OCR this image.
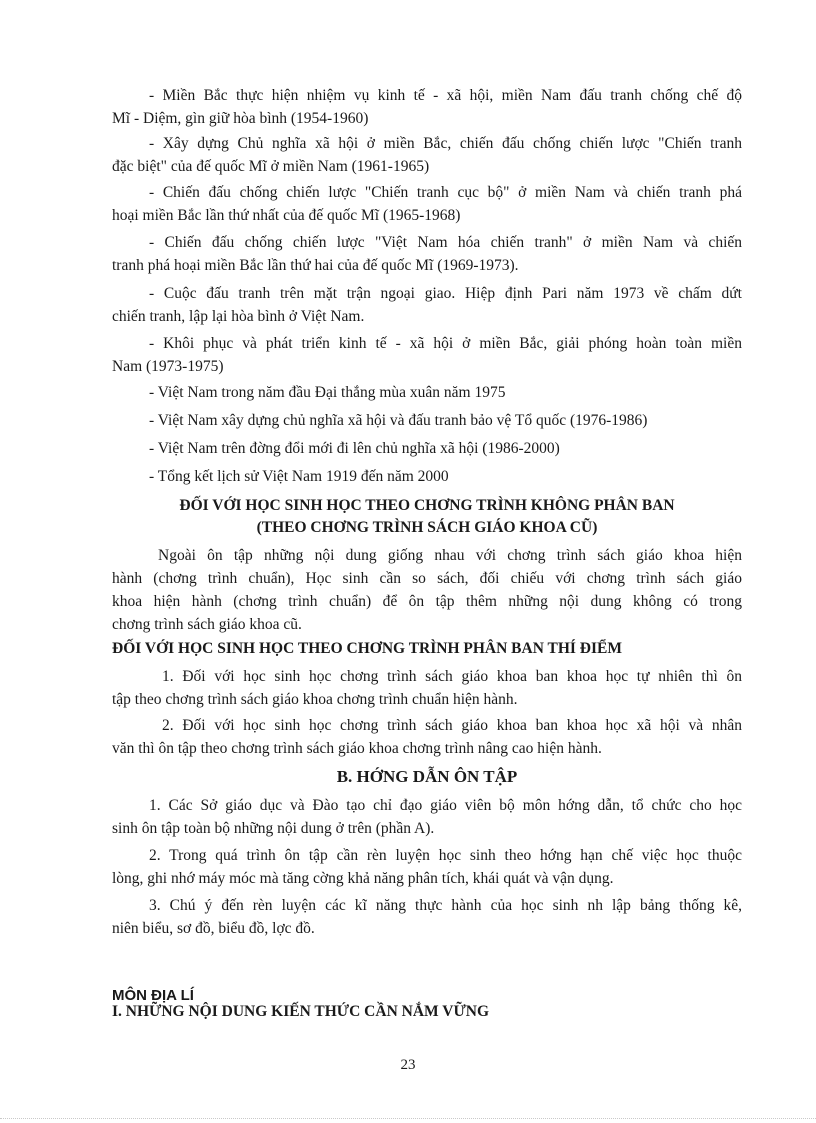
- Miền Bắc thực hiện nhiệm vụ kinh tế - xã hội, miền Nam đấu tranh chống chế độ
Mĩ - Diệm, gìn giữ hòa bình (1954-1960)
- Xây dựng Chủ nghĩa xã hội ở miền Bắc, chiến đấu chống chiến lược "Chiến tranh
đặc biệt" của đế quốc Mĩ ở miền Nam (1961-1965)
- Chiến đấu chống chiến lược "Chiến tranh cục bộ" ở miền Nam và chiến tranh phá
hoại miền Bắc lần thứ nhất của đế quốc Mĩ (1965-1968)
- Chiến đấu chống chiến lược "Việt Nam hóa chiến tranh" ở miền Nam và chiến
tranh phá hoại miền Bắc lần thứ hai của đế quốc Mĩ (1969-1973).
- Cuộc đấu tranh trên mặt trận ngoại giao. Hiệp định Pari năm 1973 về chấm dứt
chiến tranh, lập lại hòa bình ở Việt Nam.
- Khôi phục và phát triển kinh tế - xã hội ở miền Bắc, giải phóng hoàn toàn miền
Nam (1973-1975)
- Việt Nam trong năm đầu Đại thắng mùa xuân năm 1975
- Việt Nam xây dựng chủ nghĩa xã hội và đấu tranh bảo vệ Tổ quốc (1976-1986)
- Việt Nam trên đờng đổi mới đi lên chủ nghĩa xã hội (1986-2000)
- Tổng kết lịch sử Việt Nam 1919 đến năm 2000
ĐỐI VỚI HỌC SINH HỌC THEO CHƠNG TRÌNH KHÔNG PHÂN BAN
(THEO CHƠNG TRÌNH SÁCH GIÁO KHOA CŨ)
Ngoài ôn tập những nội dung giống nhau với chơng trình sách giáo khoa hiện
hành (chơng trình chuẩn), Học sinh cần so sách, đối chiếu với chơng trình sách giáo
khoa hiện hành (chơng trình chuẩn) để ôn tập thêm những nội dung không có trong
chơng trình sách giáo khoa cũ.
ĐỐI VỚI HỌC SINH HỌC THEO CHƠNG TRÌNH PHÂN BAN THÍ ĐIỂM
1. Đối với học sinh học chơng trình sách giáo khoa ban khoa học tự nhiên thì ôn
tập theo chơng trình sách giáo khoa chơng trình chuẩn hiện hành.
2. Đối với học sinh học chơng trình sách giáo khoa ban khoa học xã hội và nhân
văn thì ôn tập theo chơng trình sách giáo khoa chơng trình nâng cao hiện hành.
B. HỚNG DẪN ÔN TẬP
1. Các Sở giáo dục và Đào tạo chỉ đạo giáo viên bộ môn hớng dẫn, tổ chức cho học
sinh ôn tập toàn bộ những nội dung ở trên (phần A).
2. Trong quá trình ôn tập cần rèn luyện học sinh theo hớng hạn chế việc học thuộc
lòng, ghi nhớ máy móc mà tăng cờng khả năng phân tích, khái quát và vận dụng.
3. Chú ý đến rèn luyện các kĩ năng thực hành của học sinh nh lập bảng thống kê,
niên biểu, sơ đồ, biểu đồ, lợc đồ.
MÔN ĐỊA LÍ
I. NHỮNG NỘI DUNG KIẾN THỨC CẦN NẮM VỮNG
23
